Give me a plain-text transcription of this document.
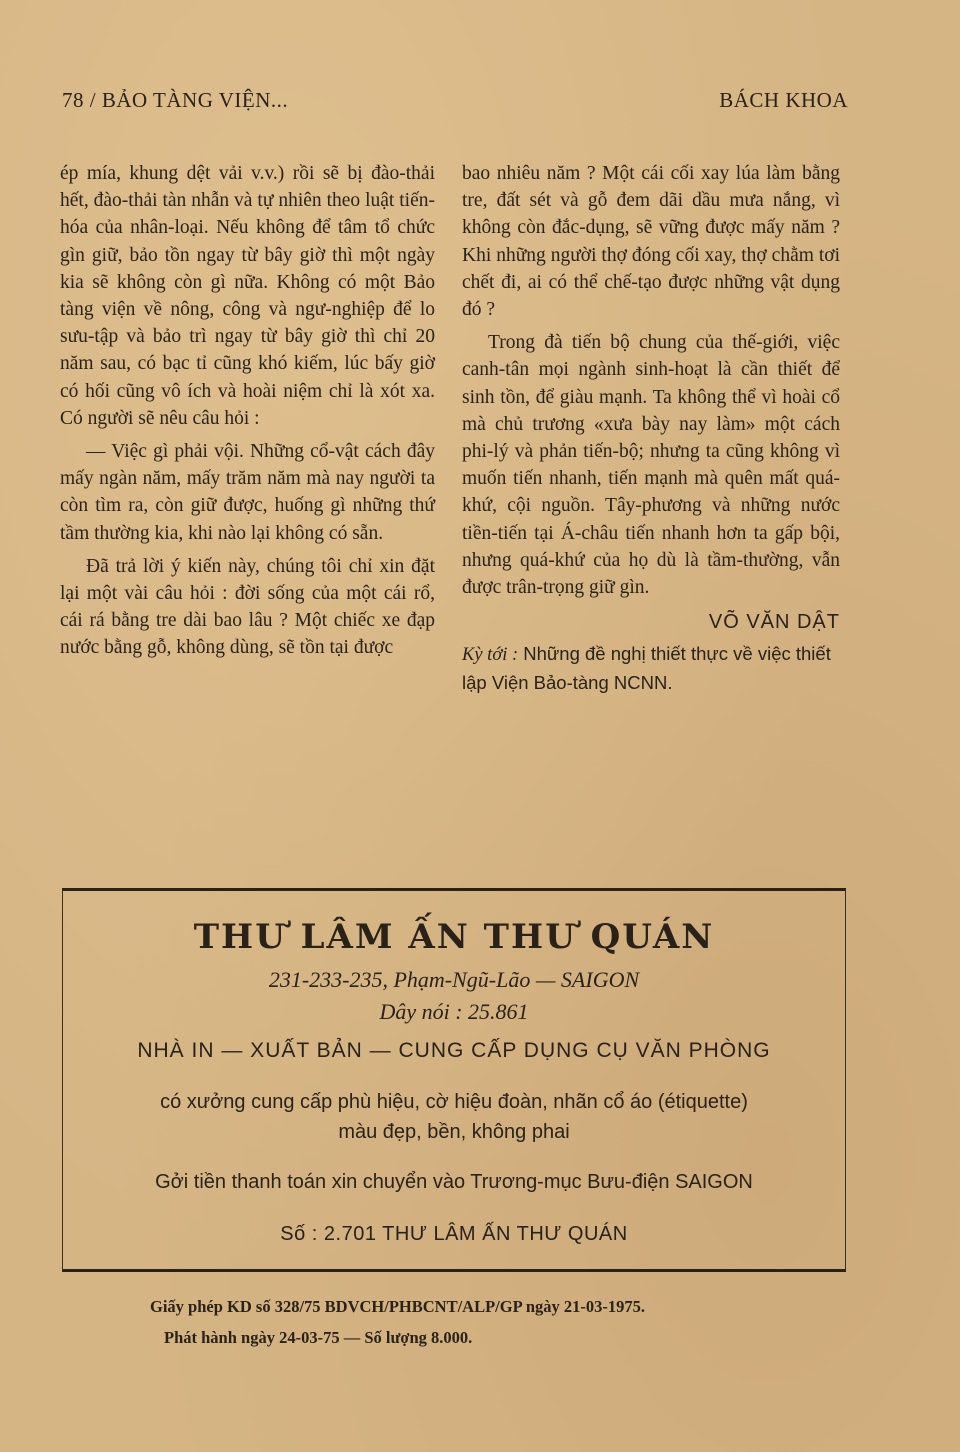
78 / BẢO TÀNG VIỆN...	BÁCH KHOA

ép mía, khung dệt vải v.v.) rồi sẽ bị đào-thải hết, đào-thải tàn nhẫn và tự nhiên theo luật tiến-hóa của nhân-loại. Nếu không để tâm tổ chức gìn giữ, bảo tồn ngay từ bây giờ thì một ngày kia sẽ không còn gì nữa. Không có một Bảo tàng viện về nông, công và ngư-nghiệp để lo sưu-tập và bảo trì ngay từ bây giờ thì chỉ 20 năm sau, có bạc tỉ cũng khó kiếm, lúc bấy giờ có hối cũng vô ích và hoài niệm chỉ là xót xa. Có người sẽ nêu câu hỏi :

— Việc gì phải vội. Những cổ-vật cách đây mấy ngàn năm, mấy trăm năm mà nay người ta còn tìm ra, còn giữ được, huống gì những thứ tầm thường kia, khi nào lại không có sẵn.

Đã trả lời ý kiến này, chúng tôi chỉ xin đặt lại một vài câu hỏi : đời sống của một cái rổ, cái rá bằng tre dài bao lâu ? Một chiếc xe đạp nước bằng gỗ, không dùng, sẽ tồn tại được

bao nhiêu năm ? Một cái cối xay lúa làm bằng tre, đất sét và gỗ đem dãi dầu mưa nắng, vì không còn đắc-dụng, sẽ vững được mấy năm ? Khi những người thợ đóng cối xay, thợ chằm tơi chết đi, ai có thể chế-tạo được những vật dụng đó ?

Trong đà tiến bộ chung của thế-giới, việc canh-tân mọi ngành sinh-hoạt là cần thiết để sinh tồn, để giàu mạnh. Ta không thể vì hoài cổ mà chủ trương «xưa bày nay làm» một cách phi-lý và phản tiến-bộ; nhưng ta cũng không vì muốn tiến nhanh, tiến mạnh mà quên mất quá-khứ, cội nguồn. Tây-phương và những nước tiền-tiến tại Á-châu tiến nhanh hơn ta gấp bội, nhưng quá-khứ của họ dù là tầm-thường, vẫn được trân-trọng giữ gìn.

VÕ VĂN DẬT
Kỳ tới : Những đề nghị thiết thực về việc thiết lập Viện Bảo-tàng NCNN.
THƯ LÂM ẤN THƯ QUÁN
231-233-235, Phạm-Ngũ-Lão — SAIGON
Dây nói : 25.861
NHÀ IN — XUẤT BẢN — CUNG CẤP DỤNG CỤ VĂN PHÒNG
có xưởng cung cấp phù hiệu, cờ hiệu đoàn, nhãn cổ áo (étiquette)
màu đẹp, bền, không phai
Gởi tiền thanh toán xin chuyển vào Trương-mục Bưu-điện SAIGON
Số : 2.701 THƯ LÂM ẤN THƯ QUÁN
Giấy phép KD số 328/75 BDVCH/PHBCNT/ALP/GP ngày 21-03-1975.
Phát hành ngày 24-03-75 — Số lượng 8.000.
